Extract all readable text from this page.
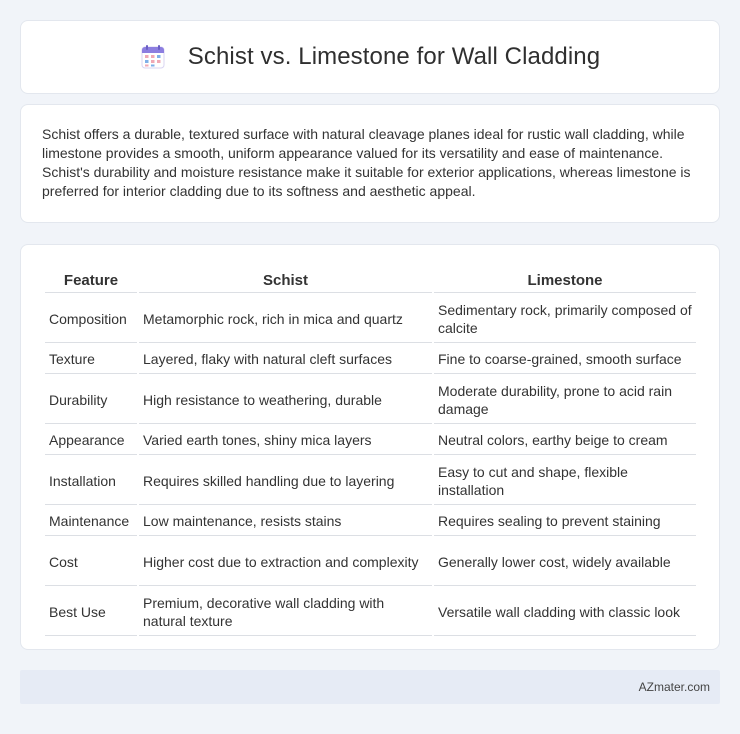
Schist vs. Limestone for Wall Cladding

Schist offers a durable, textured surface with natural cleavage planes ideal for rustic wall cladding, while limestone provides a smooth, uniform appearance valued for its versatility and ease of maintenance. Schist's durability and moisture resistance make it suitable for exterior applications, whereas limestone is preferred for interior cladding due to its softness and aesthetic appeal.

Feature	Schist	Limestone
Composition	Metamorphic rock, rich in mica and quartz	Sedimentary rock, primarily composed of calcite
Texture	Layered, flaky with natural cleft surfaces	Fine to coarse-grained, smooth surface
Durability	High resistance to weathering, durable	Moderate durability, prone to acid rain damage
Appearance	Varied earth tones, shiny mica layers	Neutral colors, earthy beige to cream
Installation	Requires skilled handling due to layering	Easy to cut and shape, flexible installation
Maintenance	Low maintenance, resists stains	Requires sealing to prevent staining
Cost	Higher cost due to extraction and complexity	Generally lower cost, widely available
Best Use	Premium, decorative wall cladding with natural texture	Versatile wall cladding with classic look
AZmater.com
